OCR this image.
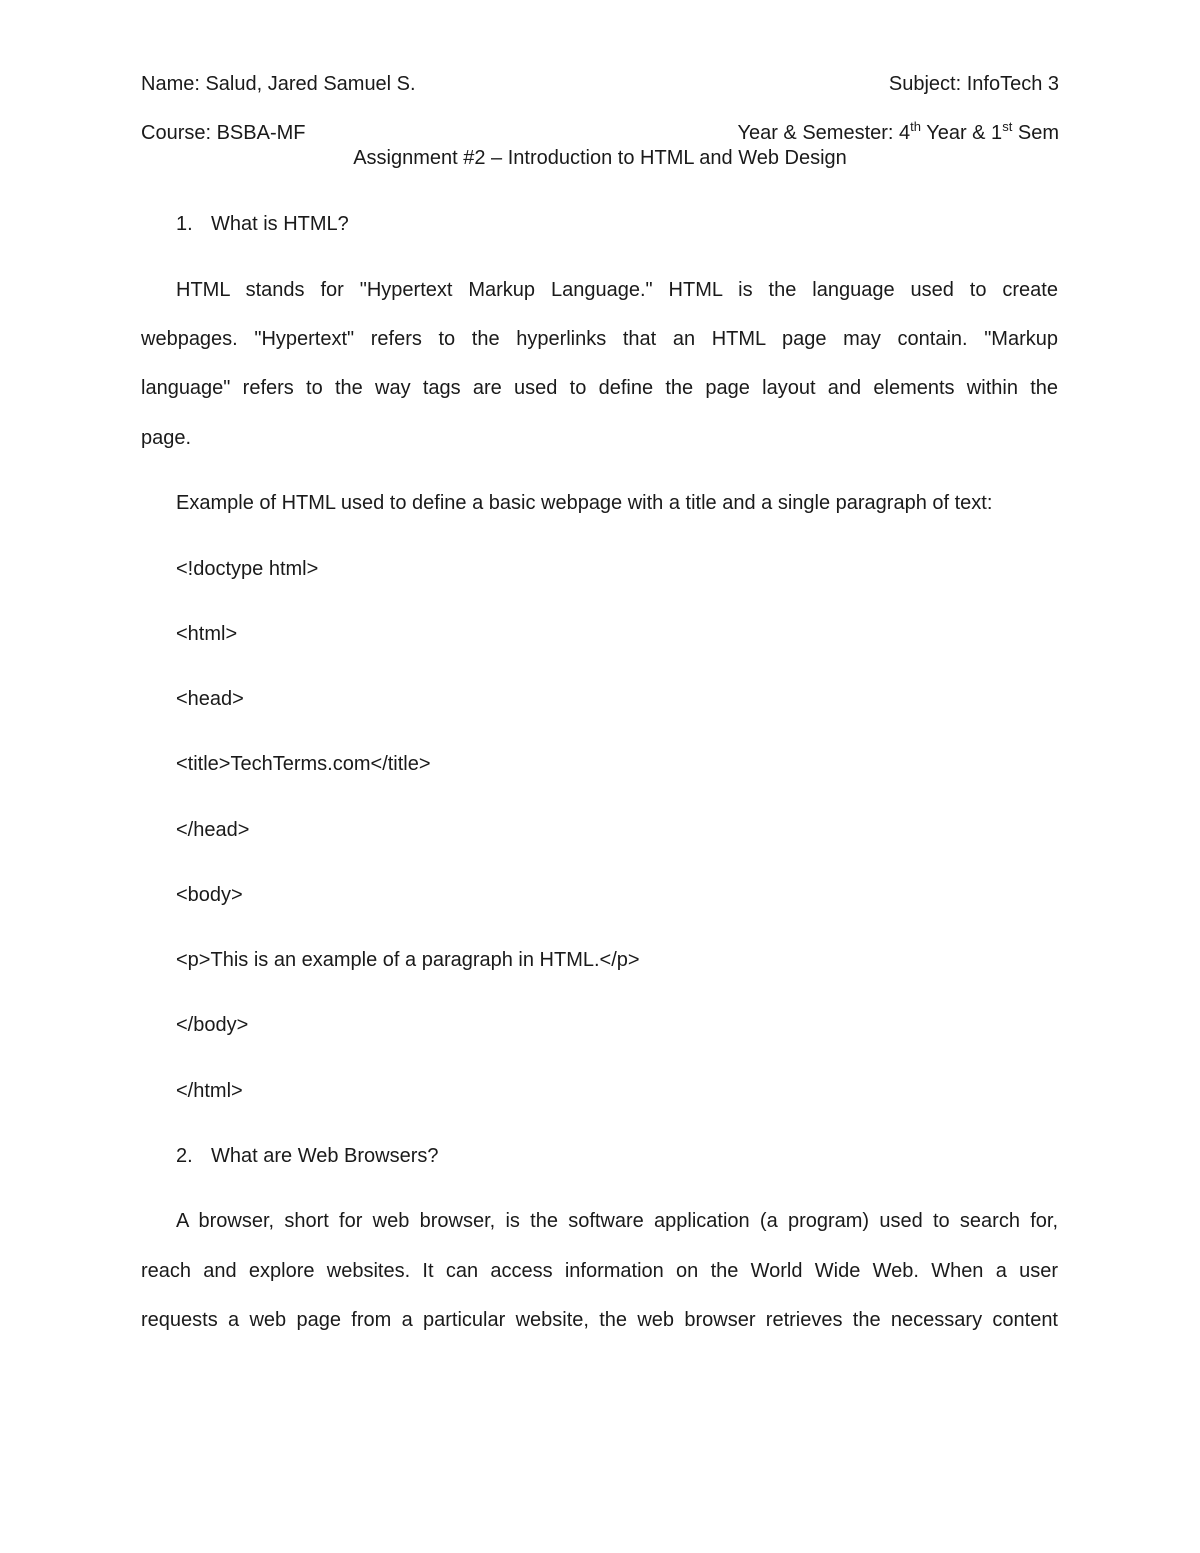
Name: Salud, Jared Samuel S.	Subject: InfoTech 3
Course: BSBA-MF	Year & Semester: 4th Year & 1st Sem
Assignment #2 – Introduction to HTML and Web Design
1. What is HTML?
HTML stands for "Hypertext Markup Language." HTML is the language used to create
webpages. "Hypertext" refers to the hyperlinks that an HTML page may contain. "Markup
language" refers to the way tags are used to define the page layout and elements within the
page.
Example of HTML used to define a basic webpage with a title and a single paragraph of text:
<!doctype html>
<html>
<head>
<title>TechTerms.com</title>
</head>
<body>
<p>This is an example of a paragraph in HTML.</p>
</body>
</html>
2. What are Web Browsers?
A browser, short for web browser, is the software application (a program) used to search for,
reach and explore websites. It can access information on the World Wide Web. When a user
requests a web page from a particular website, the web browser retrieves the necessary content
